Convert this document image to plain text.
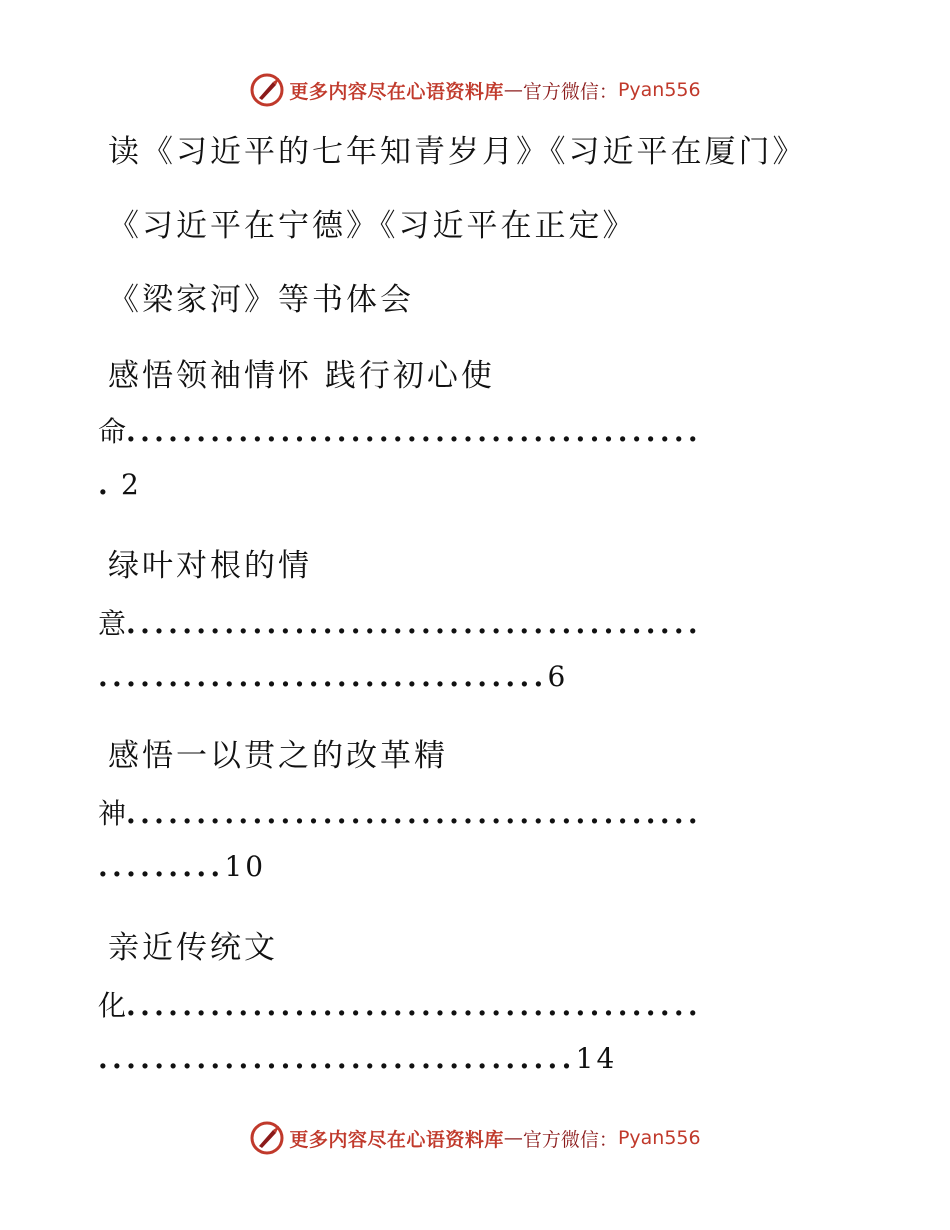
更多内容尽在心语资料库 — 官方微信： Pyan556
读《习近平的七年知青岁月》《习近平在厦门》
《习近平在宁德》《习近平在正定》
《梁家河》等书体会
感悟领袖情怀 践行初心使
命.........................................
. 2
绿叶对根的情
意.........................................
................................6
感悟一以贯之的改革精
神.........................................
.........10
亲近传统文
化.........................................
..................................14
更多内容尽在心语资料库 — 官方微信： Pyan556
